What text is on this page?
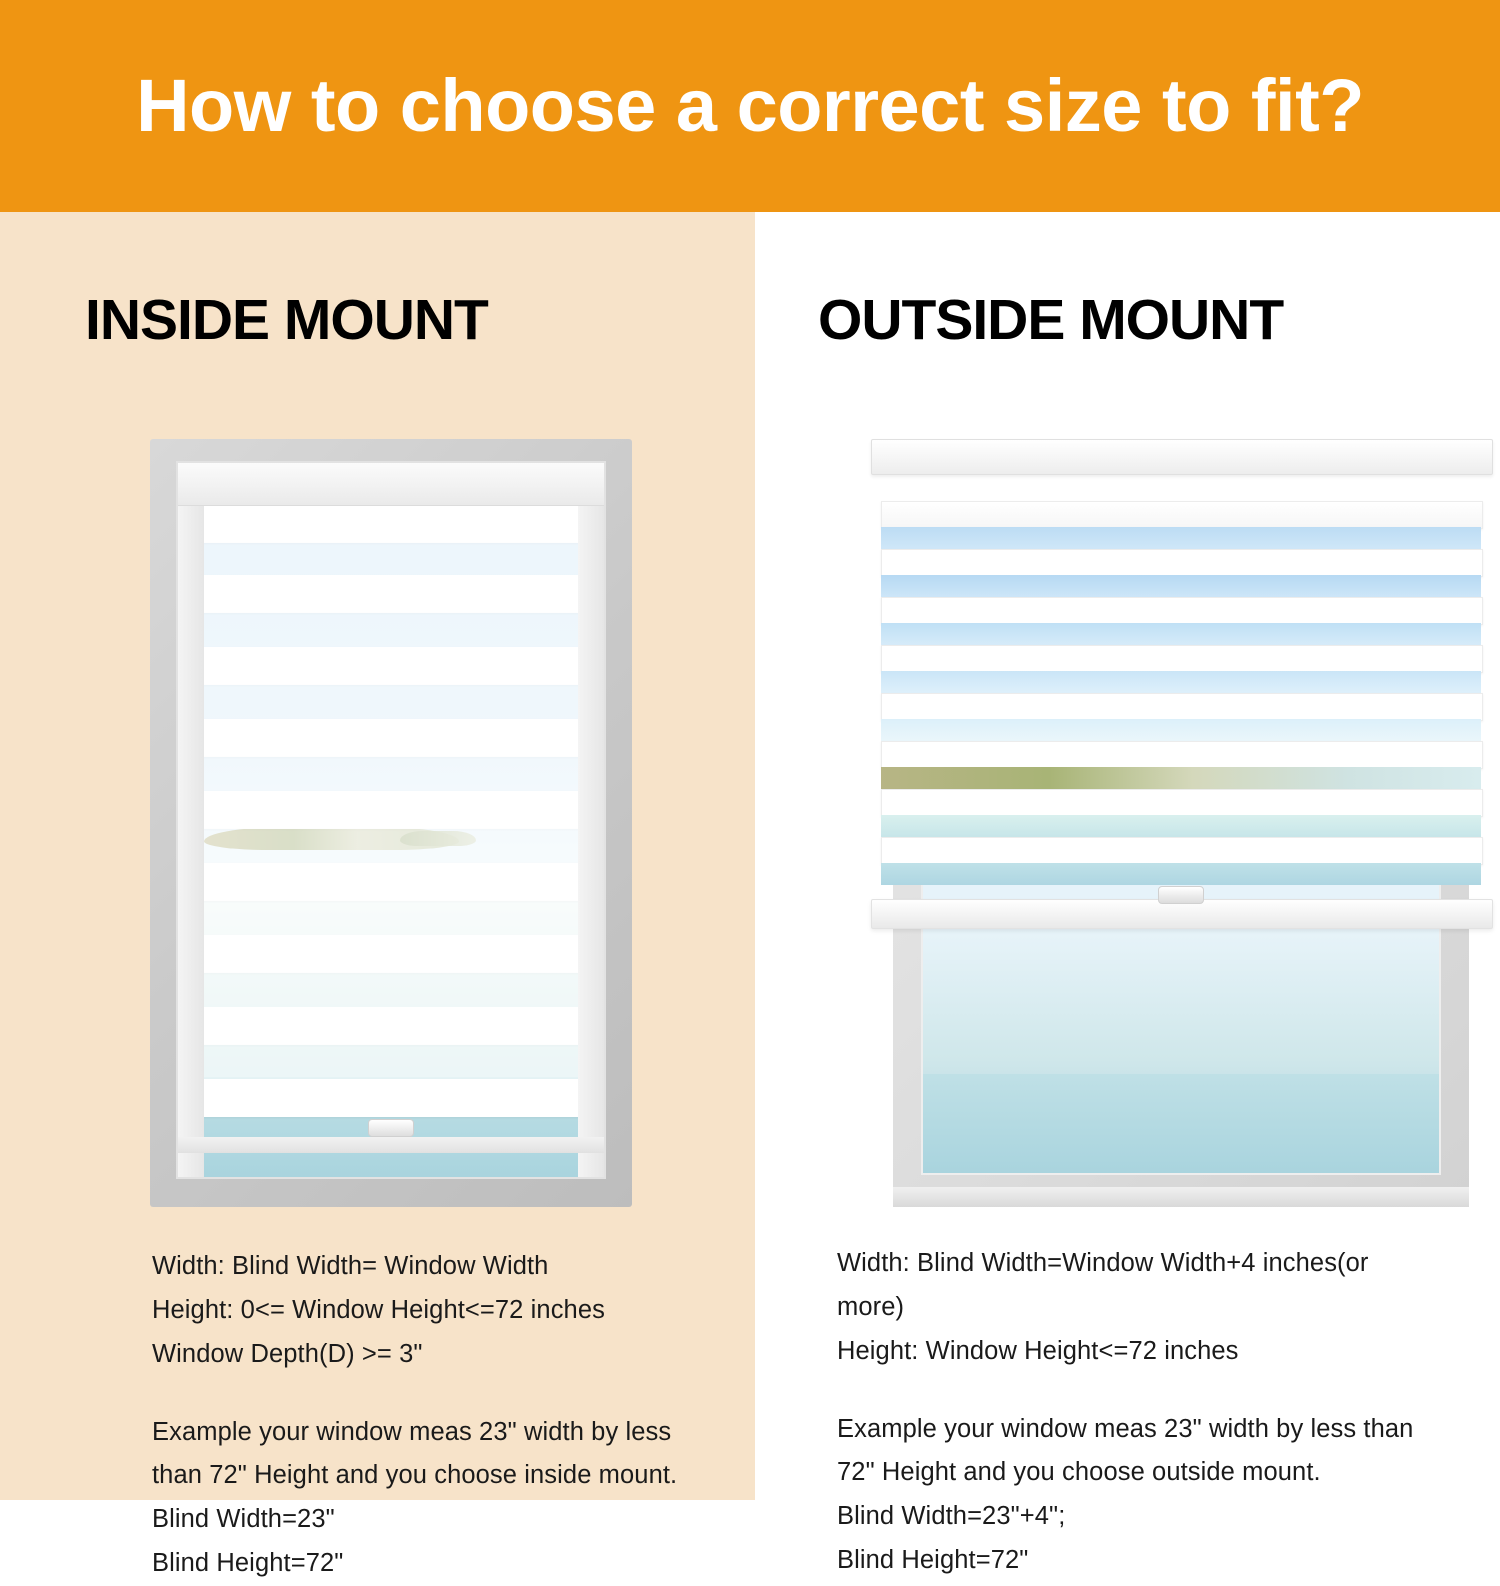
How to choose a correct size to fit?
INSIDE MOUNT

Width: Blind Width= Window Width

Height: 0<= Window Height<=72 inches

Window Depth(D) >= 3"

Example your window meas 23" width by less than 72" Height and you choose inside mount.

Blind Width=23"

Blind Height=72"

OUTSIDE MOUNT

Width: Blind Width=Window Width+4 inches(or more)

Height: Window Height<=72 inches

Example your window meas 23" width by less than 72" Height and you choose outside mount.

Blind Width=23"+4";

Blind Height=72"
